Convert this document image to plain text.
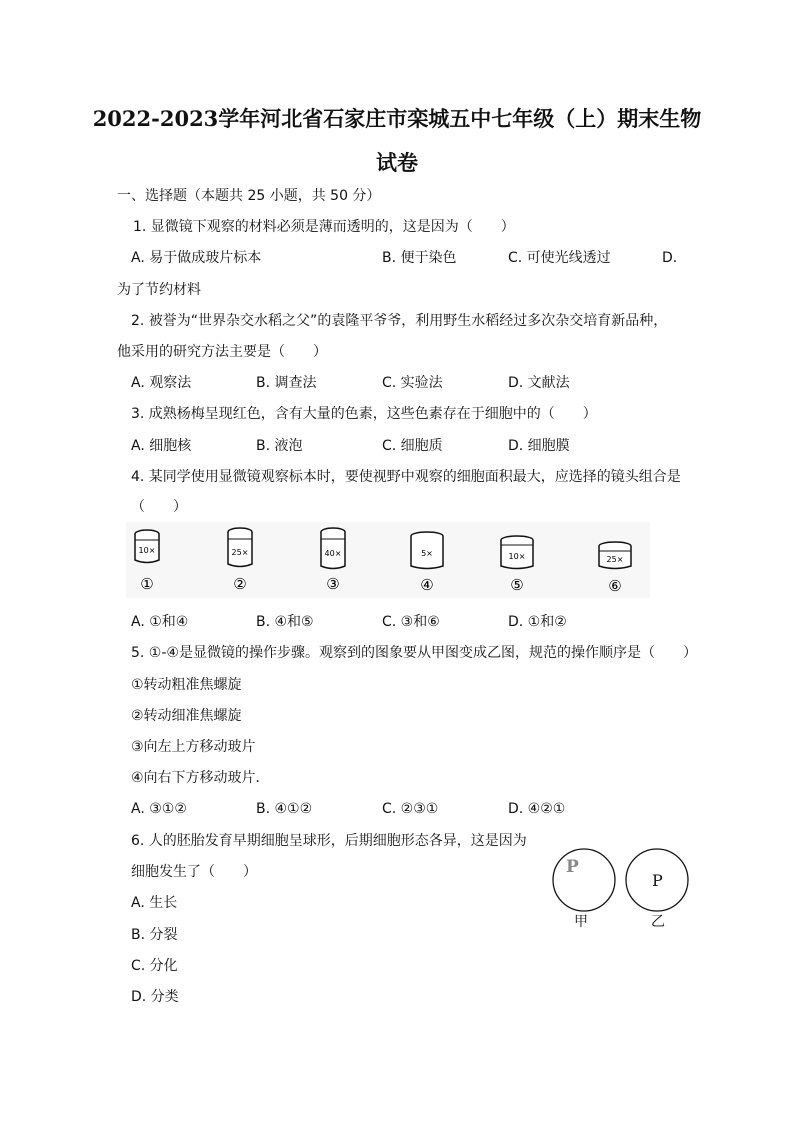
2022-2023学年河北省石家庄市栾城五中七年级（上）期末生物
试卷
一、选择题（本题共 25 小题，共 50 分）
1. 显微镜下观察的材料必须是薄而透明的，这是因为（　　）
A. 易于做成玻片标本	B. 便于染色	C. 可使光线透过	D.
为了节约材料
2. 被誉为“世界杂交水稻之父”的袁隆平爷爷，利用野生水稻经过多次杂交培育新品种，
他采用的研究方法主要是（　　）
A. 观察法	B. 调查法	C. 实验法	D. 文献法
3. 成熟杨梅呈现红色，含有大量的色素，这些色素存在于细胞中的（　　）
A. 细胞核	B. 液泡	C. 细胞质	D. 细胞膜
4. 某同学使用显微镜观察标本时，要使视野中观察的细胞面积最大，应选择的镜头组合是
（　　）
10×
①
25×
②
40×
③
5×
④
10×
⑤
25×
⑥
A. ①和④	B. ④和⑤	C. ③和⑥	D. ①和②
5. ①-④是显微镜的操作步骤。观察到的图象要从甲图变成乙图，规范的操作顺序是（　　）
①转动粗准焦螺旋
②转动细准焦螺旋
③向左上方移动玻片
④向右下方移动玻片．
A. ③①②	B. ④①②	C. ②③①	D. ④②①
6. 人的胚胎发育早期细胞呈球形，后期细胞形态各异，这是因为
细胞发生了（　　）
A. 生长
B. 分裂
C. 分化
D. 分类
P
P
甲	乙
